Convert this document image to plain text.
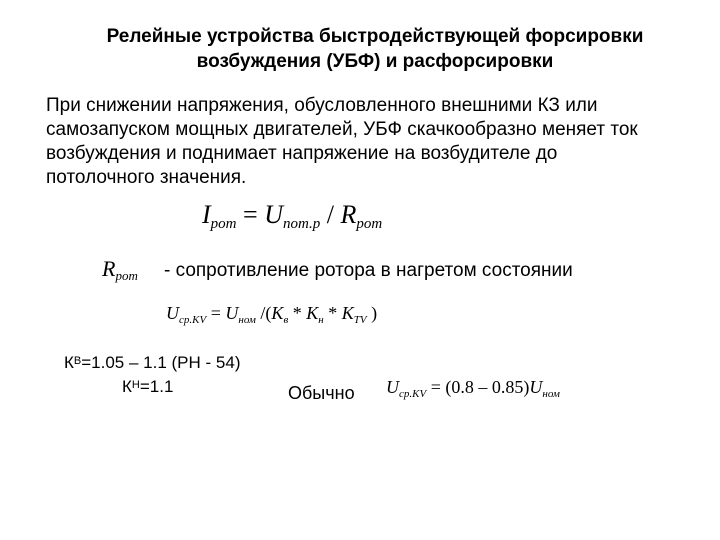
Релейные устройства быстродействующей форсировки
возбуждения (УБФ) и расфорсировки
При снижении напряжения, обусловленного внешними КЗ или
самозапуском мощных двигателей, УБФ скачкообразно меняет ток
возбуждения и поднимает напряжение на возбудителе до
потолочного значения.
$I_{рот} = U_{пот.р} / R_{рот}$
$R_{рот}$ - сопротивление ротора в нагретом состоянии
$U_{ср.KV} = U_{ном}$ $/(K_в * K_н * K_{TV}$ )
$К_В=1.05 - 1.1$ (РН - 54)
$К_Н=1.1$	Обычно $U_{ср.KV} = (0.8 - 0.85)U_{ном}$
